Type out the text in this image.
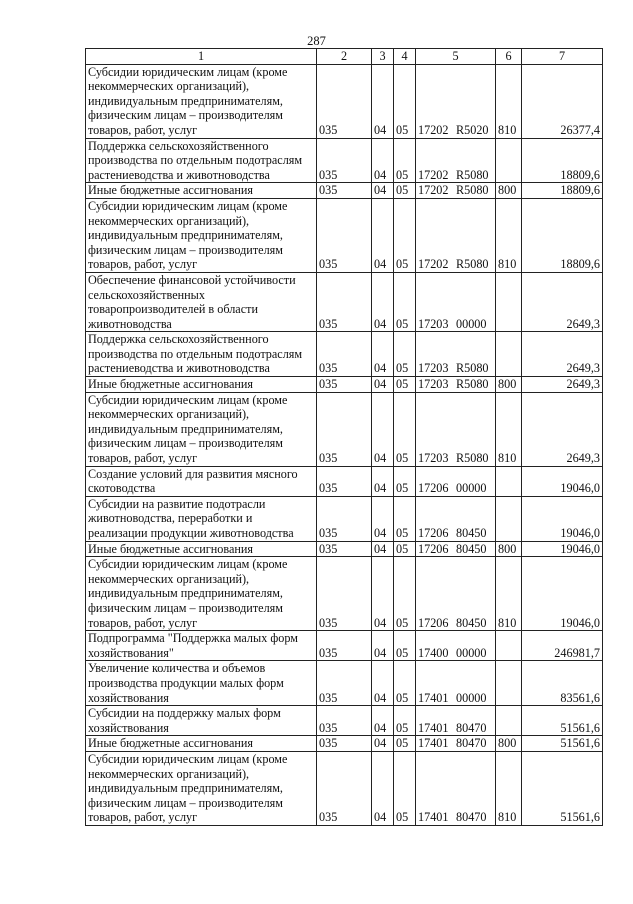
287
1	2	3	4	5	6	7
Субсидии юридическим лицам (кроме некоммерческих организаций), индивидуальным предпринимателям, физическим лицам – производителям товаров, работ, услуг	035	04	05	17202 R5020	810	26377,4
Поддержка сельскохозяйственного производства по отдельным подотраслям растениеводства и животноводства	035	04	05	17202 R5080		18809,6
Иные бюджетные ассигнования	035	04	05	17202 R5080	800	18809,6
Субсидии юридическим лицам (кроме некоммерческих организаций), индивидуальным предпринимателям, физическим лицам – производителям товаров, работ, услуг	035	04	05	17202 R5080	810	18809,6
Обеспечение финансовой устойчивости сельскохозяйственных товаропроизводителей в области животноводства	035	04	05	17203 00000		2649,3
Поддержка сельскохозяйственного производства по отдельным подотраслям растениеводства и животноводства	035	04	05	17203 R5080		2649,3
Иные бюджетные ассигнования	035	04	05	17203 R5080	800	2649,3
Субсидии юридическим лицам (кроме некоммерческих организаций), индивидуальным предпринимателям, физическим лицам – производителям товаров, работ, услуг	035	04	05	17203 R5080	810	2649,3
Создание условий для развития мясного скотоводства	035	04	05	17206 00000		19046,0
Субсидии на развитие подотрасли животноводства, переработки и реализации продукции животноводства	035	04	05	17206 80450		19046,0
Иные бюджетные ассигнования	035	04	05	17206 80450	800	19046,0
Субсидии юридическим лицам (кроме некоммерческих организаций), индивидуальным предпринимателям, физическим лицам – производителям товаров, работ, услуг	035	04	05	17206 80450	810	19046,0
Подпрограмма "Поддержка малых форм хозяйствования"	035	04	05	17400 00000		246981,7
Увеличение количества и объемов производства продукции малых форм хозяйствования	035	04	05	17401 00000		83561,6
Субсидии на поддержку малых форм хозяйствования	035	04	05	17401 80470		51561,6
Иные бюджетные ассигнования	035	04	05	17401 80470	800	51561,6
Субсидии юридическим лицам (кроме некоммерческих организаций), индивидуальным предпринимателям, физическим лицам – производителям товаров, работ, услуг	035	04	05	17401 80470	810	51561,6
